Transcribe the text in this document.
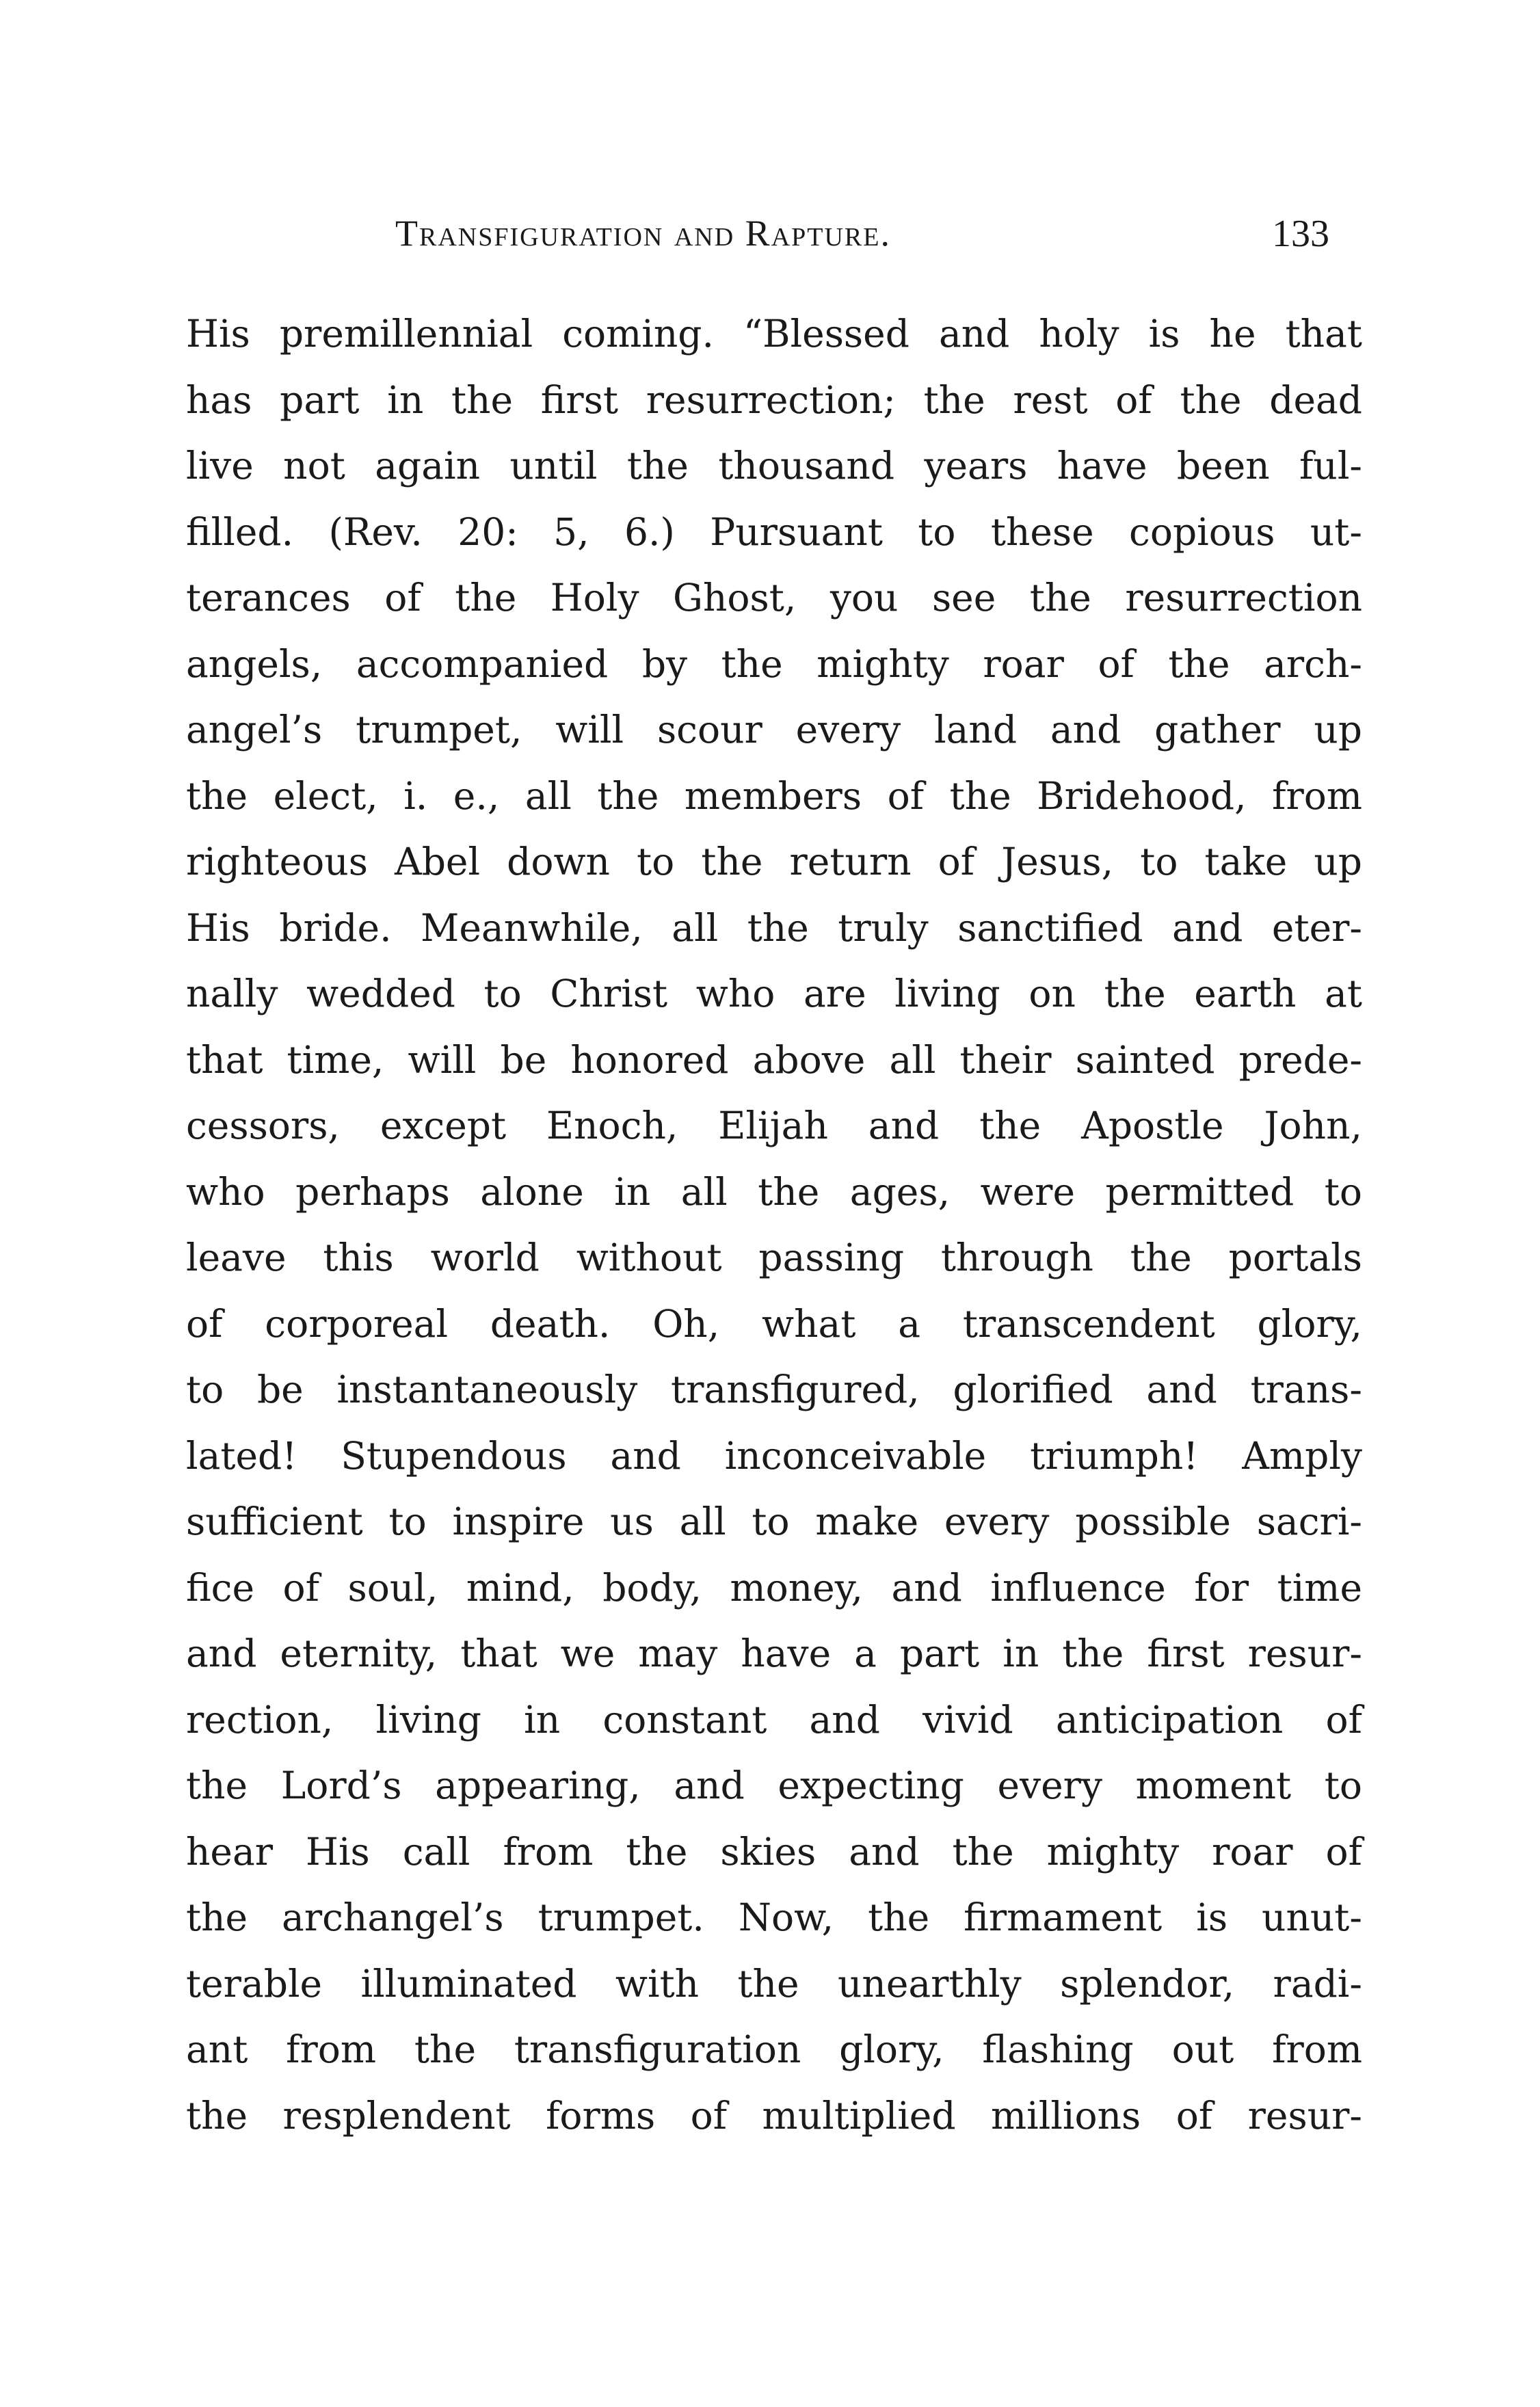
Transfiguration and Rapture.	133
His premillennial coming. “Blessed and holy is he that
has part in the first resurrection; the rest of the dead
live not again until the thousand years have been ful-
filled. (Rev. 20: 5, 6.) Pursuant to these copious ut-
terances of the Holy Ghost, you see the resurrection
angels, accompanied by the mighty roar of the arch-
angel’s trumpet, will scour every land and gather up
the elect, i. e., all the members of the Bridehood, from
righteous Abel down to the return of Jesus, to take up
His bride. Meanwhile, all the truly sanctified and eter-
nally wedded to Christ who are living on the earth at
that time, will be honored above all their sainted prede-
cessors, except Enoch, Elijah and the Apostle John,
who perhaps alone in all the ages, were permitted to
leave this world without passing through the portals
of corporeal death. Oh, what a transcendent glory,
to be instantaneously transfigured, glorified and trans-
lated! Stupendous and inconceivable triumph! Amply
sufficient to inspire us all to make every possible sacri-
fice of soul, mind, body, money, and influence for time
and eternity, that we may have a part in the first resur-
rection, living in constant and vivid anticipation of
the Lord’s appearing, and expecting every moment to
hear His call from the skies and the mighty roar of
the archangel’s trumpet. Now, the firmament is unut-
terable illuminated with the unearthly splendor, radi-
ant from the transfiguration glory, flashing out from
the resplendent forms of multiplied millions of resur-
